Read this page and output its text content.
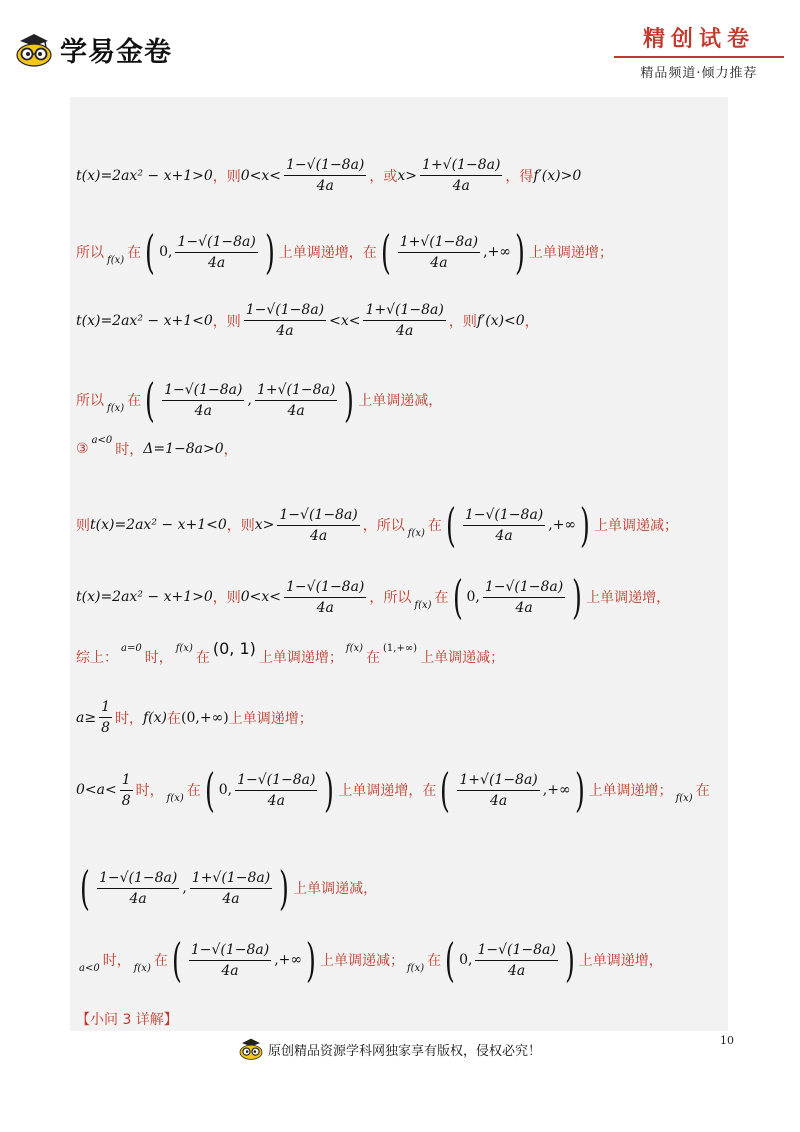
学易金卷	精创试卷
精品频道·倾力推荐
t(x)=2ax² − x+1>0 ，则 $0<x< \frac{1-√(1-8a)}{4a}$ ，或 $x> \frac{1+√(1-8a)}{4a}$ ，得 f′(x)>0
所以 f(x) 在 ( 0, $\frac{1-√(1-8a)}{4a}$ ) 上单调递增，在 ( $\frac{1+√(1-8a)}{4a}$ ,+∞ ) 上单调递增；
t(x)=2ax² − x+1<0 ，则 $\frac{1-√(1-8a)}{4a} <x< \frac{1+√(1-8a)}{4a}$ ，则 f′(x)<0 ，
所以 f(x) 在 ( $\frac{1-√(1-8a)}{4a}$ , $\frac{1+√(1-8a)}{4a}$ ) 上单调递减，
③
a<0
时， Δ=1−8a>0 ，
则 t(x)=2ax² − x+1<0 ，则 $x> \frac{1-√(1-8a)}{4a}$ ，所以 f(x) 在 ( $\frac{1-√(1-8a)}{4a}$ ,+∞ ) 上单调递减；
t(x)=2ax² − x+1>0 ，则 $0<x< \frac{1-√(1-8a)}{4a}$ ，所以 f(x) 在 ( 0, $\frac{1-√(1-8a)}{4a}$ ) 上单调递增，
综上：
a=0
时，
f(x)
在
(0, 1)
上单调递增；
f(x)
在
(1,+∞)
上单调递减；
$a\ge \frac{1}{8}$ 时， f(x) 在 (0,+∞) 上单调递增；
$0<a< \frac{1}{8}$ 时， f(x) 在 ( 0, $\frac{1-√(1-8a)}{4a}$ ) 上单调递增，在 ( $\frac{1+√(1-8a)}{4a}$ ,+∞ ) 上单调递增； f(x) 在
( $\frac{1-√(1-8a)}{4a}$ , $\frac{1+√(1-8a)}{4a}$ ) 上单调递减，
a<0 时， f(x) 在 ( $\frac{1-√(1-8a)}{4a}$ ,+∞ ) 上单调递减； f(x) 在 ( 0, $\frac{1-√(1-8a)}{4a}$ ) 上单调递增，
【小问 3 详解】
原创精品资源学科网独家享有版权，侵权必究！
10
